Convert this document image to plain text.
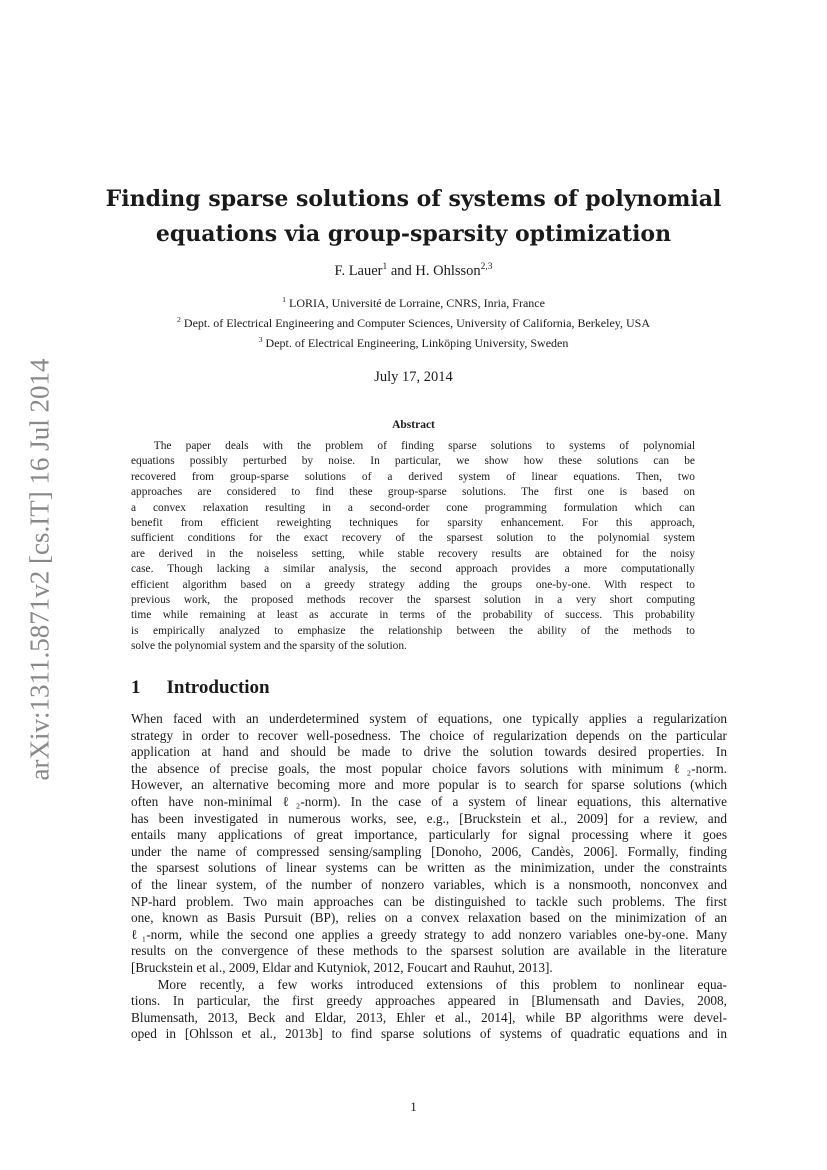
arXiv:1311.5871v2 [cs.IT] 16 Jul 2014
Finding sparse solutions of systems of polynomial
equations via group-sparsity optimization
F. Lauer$^1$ and H. Ohlsson$^{2,3}$
$^1$ LORIA, Université de Lorraine, CNRS, Inria, France
$^2$ Dept. of Electrical Engineering and Computer Sciences, University of California, Berkeley, USA
$^3$ Dept. of Electrical Engineering, Linköping University, Sweden
July 17, 2014
Abstract
  The paper deals with the problem of finding sparse solutions to systems of polynomial
equations possibly perturbed by noise. In particular, we show how these solutions can be
recovered from group-sparse solutions of a derived system of linear equations. Then, two
approaches are considered to find these group-sparse solutions. The first one is based on
a convex relaxation resulting in a second-order cone programming formulation which can
benefit from efficient reweighting techniques for sparsity enhancement. For this approach,
sufficient conditions for the exact recovery of the sparsest solution to the polynomial system
are derived in the noiseless setting, while stable recovery results are obtained for the noisy
case. Though lacking a similar analysis, the second approach provides a more computationally
efficient algorithm based on a greedy strategy adding the groups one-by-one. With respect to
previous work, the proposed methods recover the sparsest solution in a very short computing
time while remaining at least as accurate in terms of the probability of success. This probability
is empirically analyzed to emphasize the relationship between the ability of the methods to
solve the polynomial system and the sparsity of the solution.
1 Introduction
When faced with an underdetermined system of equations, one typically applies a regularization
strategy in order to recover well-posedness. The choice of regularization depends on the particular
application at hand and should be made to drive the solution towards desired properties. In
the absence of precise goals, the most popular choice favors solutions with minimum ℓ₂-norm.
However, an alternative becoming more and more popular is to search for sparse solutions (which
often have non-minimal ℓ₂-norm). In the case of a system of linear equations, this alternative
has been investigated in numerous works, see, e.g., [Bruckstein et al., 2009] for a review, and
entails many applications of great importance, particularly for signal processing where it goes
under the name of compressed sensing/sampling [Donoho, 2006, Candès, 2006]. Formally, finding
the sparsest solutions of linear systems can be written as the minimization, under the constraints
of the linear system, of the number of nonzero variables, which is a nonsmooth, nonconvex and
NP-hard problem. Two main approaches can be distinguished to tackle such problems. The first
one, known as Basis Pursuit (BP), relies on a convex relaxation based on the minimization of an
ℓ₁-norm, while the second one applies a greedy strategy to add nonzero variables one-by-one. Many
results on the convergence of these methods to the sparsest solution are available in the literature
[Bruckstein et al., 2009, Eldar and Kutyniok, 2012, Foucart and Rauhut, 2013].
  More recently, a few works introduced extensions of this problem to nonlinear equa-
tions. In particular, the first greedy approaches appeared in [Blumensath and Davies, 2008,
Blumensath, 2013, Beck and Eldar, 2013, Ehler et al., 2014], while BP algorithms were devel-
oped in [Ohlsson et al., 2013b] to find sparse solutions of systems of quadratic equations and in
1
